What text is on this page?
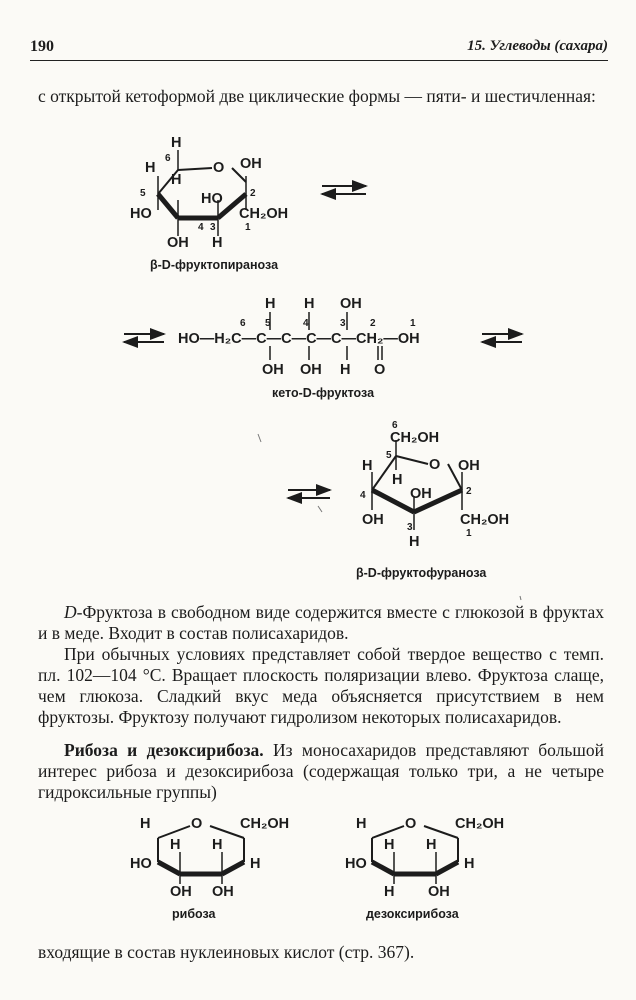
190	15. Углеводы (сахара)
с открытой кетоформой две циклические формы — пяти- и шестичленная:
H
H
H
O OH
HO
HO
CH₂OH
OH H
6
5	2
4 3	1
HO—H₂C—C—C—C—C—CH₂—OH
H H OH
OH OH H O
6 5	4	3 2	1
CH₂OH
H	O OH
H
OH
OH	CH₂OH
H
6
5
4	2
3
1
H	O	CH₂OH
HO
H H
H
OH OH
H	O	CH₂OH
HO
H H
H
H OH
β-D-фруктопираноза
кето-D-фруктоза
β-D-фруктофураноза
D-Фруктоза в свободном виде содержится вместе с глюкозой в фруктах и в меде. Входит в состав полисахаридов.
При обычных условиях представляет собой твердое вещество с темп. пл. 102—104 °C. Вращает плоскость поляризации влево. Фруктоза слаще, чем глюкоза. Сладкий вкус меда объясняется присутствием в нем фруктозы. Фруктозу получают гидролизом некоторых полисахаридов.
Рибоза и дезоксирибоза. Из моносахаридов представляют большой интерес рибоза и дезоксирибоза (содержащая только три, а не четыре гидроксильные группы)
рибоза	дезоксирибоза
входящие в состав нуклеиновых кислот (стр. 367).
